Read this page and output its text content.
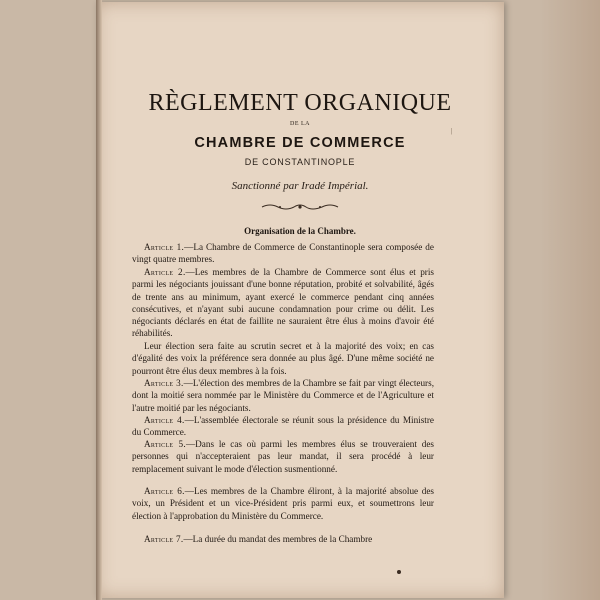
RÈGLEMENT ORGANIQUE
DE LA
CHAMBRE DE COMMERCE
DE CONSTANTINOPLE
Sanctionné par Iradé Impérial.
Organisation de la Chambre.
Article 1.—La Chambre de Commerce de Constantinople sera composée de vingt quatre membres.
Article 2.—Les membres de la Chambre de Commerce sont élus et pris parmi les négociants jouissant d'une bonne réputation, probité et solvabilité, âgés de trente ans au minimum, ayant exercé le commerce pendant cinq années consécutives, et n'ayant subi aucune condamnation pour crime ou délit. Les négociants déclarés en état de faillite ne sauraient être élus à moins d'avoir été réhabilités.
Leur élection sera faite au scrutin secret et à la majorité des voix; en cas d'égalité des voix la préférence sera donnée au plus âgé. D'une même société ne pourront être élus deux membres à la fois.
Article 3.—L'élection des membres de la Chambre se fait par vingt électeurs, dont la moitié sera nommée par le Ministère du Commerce et de l'Agriculture et l'autre moitié par les négociants.
Article 4.—L'assemblée électorale se réunit sous la présidence du Ministre du Commerce.
Article 5.—Dans le cas où parmi les membres élus se trouveraient des personnes qui n'accepteraient pas leur mandat, il sera procédé à leur remplacement suivant le mode d'élection susmentionné.
Article 6.—Les membres de la Chambre éliront, à la majorité absolue des voix, un Président et un vice-Président pris parmi eux, et soumettrons leur élection à l'approbation du Ministère du Commerce.
Article 7.—La durée du mandat des membres de la Chambre
|
